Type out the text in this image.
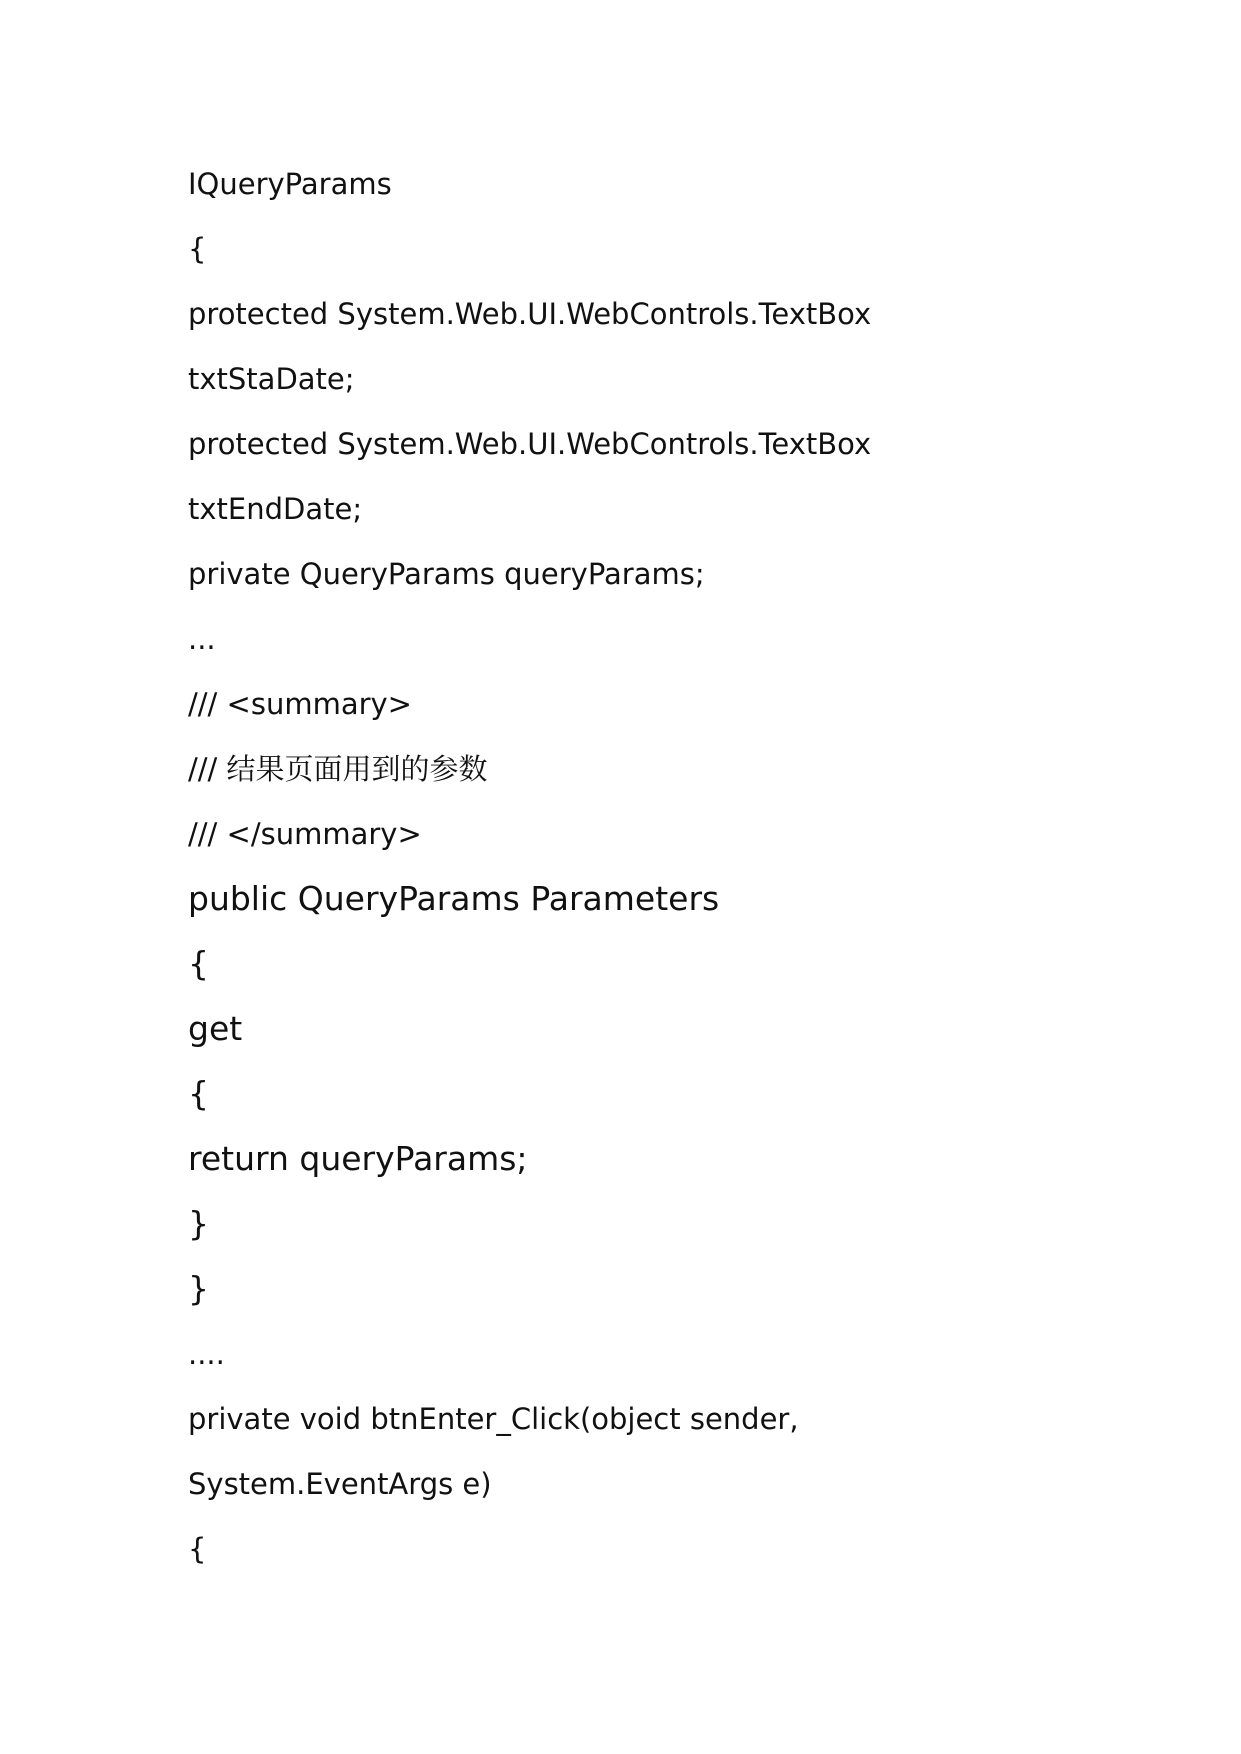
IQueryParams
{
protected System.Web.UI.WebControls.TextBox
txtStaDate;
protected System.Web.UI.WebControls.TextBox
txtEndDate;
private QueryParams queryParams;
...
/// <summary>
/// 结果页面用到的参数
/// </summary>
public QueryParams Parameters
{
get
{
return queryParams;
}
}
....
private void btnEnter_Click(object sender,
System.EventArgs e)
{
